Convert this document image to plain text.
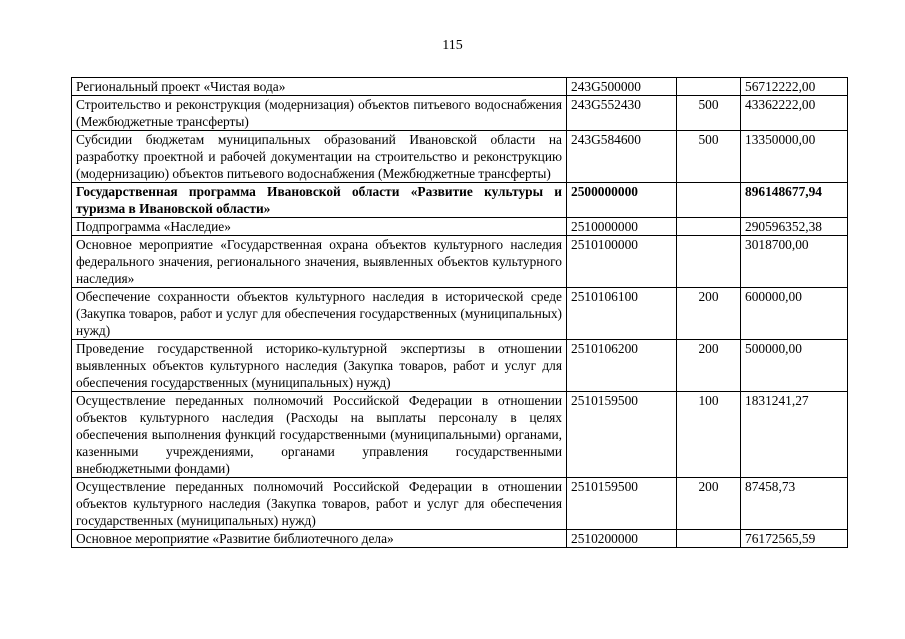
115
Региональный проект «Чистая вода»	243G500000		56712222,00
Строительство и реконструкция (модернизация) объектов питьевого водоснабжения (Межбюджетные трансферты)	243G552430	500	43362222,00
Субсидии бюджетам муниципальных образований Ивановской области на разработку проектной и рабочей документации на строительство и реконструкцию (модернизацию) объектов питьевого водоснабжения (Межбюджетные трансферты)	243G584600	500	13350000,00
Государственная программа Ивановской области «Развитие культуры и туризма в Ивановской области»	2500000000		896148677,94
Подпрограмма «Наследие»	2510000000		290596352,38
Основное мероприятие «Государственная охрана объектов культурного наследия федерального значения, регионального значения, выявленных объектов культурного наследия»	2510100000		3018700,00
Обеспечение сохранности объектов культурного наследия в исторической среде (Закупка товаров, работ и услуг для обеспечения государственных (муниципальных) нужд)	2510106100	200	600000,00
Проведение государственной историко-культурной экспертизы в отношении выявленных объектов культурного наследия (Закупка товаров, работ и услуг для обеспечения государственных (муниципальных) нужд)	2510106200	200	500000,00
Осуществление переданных полномочий Российской Федерации в отношении объектов культурного наследия (Расходы на выплаты персоналу в целях обеспечения выполнения функций государственными (муниципальными) органами, казенными учреждениями, органами управления государственными внебюджетными фондами)	2510159500	100	1831241,27
Осуществление переданных полномочий Российской Федерации в отношении объектов культурного наследия (Закупка товаров, работ и услуг для обеспечения государственных (муниципальных) нужд)	2510159500	200	87458,73
Основное мероприятие «Развитие библиотечного дела»	2510200000		76172565,59
